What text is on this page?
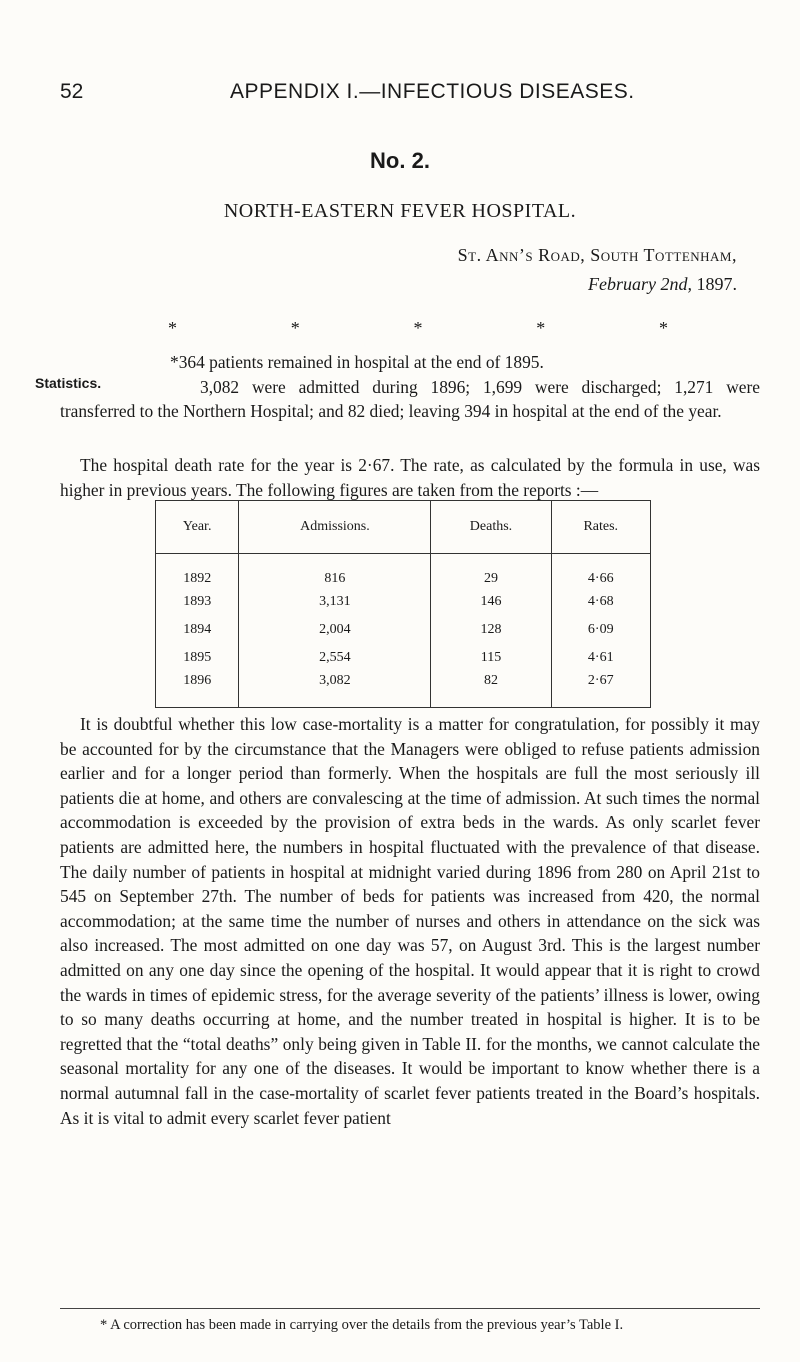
52	APPENDIX I.—INFECTIOUS DISEASES.
No. 2.
NORTH-EASTERN FEVER HOSPITAL.
St. Ann’s Road, South Tottenham,
February 2nd, 1897.
*	*	*	*	*
Statistics.
*364 patients remained in hospital at the end of 1895.
3,082 were admitted during 1896; 1,699 were discharged; 1,271 were transferred to the Northern Hospital; and 82 died; leaving 394 in hospital at the end of the year.
The hospital death rate for the year is 2·67. The rate, as calculated by the formula in use, was higher in previous years. The following figures are taken from the reports :—
Year.	Admissions.	Deaths.	Rates.
1892	816	29	4·66
1893	3,131	146	4·68
1894	2,004	128	6·09
1895	2,554	115	4·61
1896	3,082	82	2·67
It is doubtful whether this low case-mortality is a matter for congratulation, for possibly it may be accounted for by the circumstance that the Managers were obliged to refuse patients admission earlier and for a longer period than formerly. When the hospitals are full the most seriously ill patients die at home, and others are convalescing at the time of admission. At such times the normal accommodation is exceeded by the provision of extra beds in the wards. As only scarlet fever patients are admitted here, the numbers in hospital fluctuated with the prevalence of that disease. The daily number of patients in hospital at midnight varied during 1896 from 280 on April 21st to 545 on September 27th. The number of beds for patients was increased from 420, the normal accommodation; at the same time the number of nurses and others in attendance on the sick was also increased. The most admitted on one day was 57, on August 3rd. This is the largest number admitted on any one day since the opening of the hospital. It would appear that it is right to crowd the wards in times of epidemic stress, for the average severity of the patients’ illness is lower, owing to so many deaths occurring at home, and the number treated in hospital is higher. It is to be regretted that the “total deaths” only being given in Table II. for the months, we cannot calculate the seasonal mortality for any one of the diseases. It would be important to know whether there is a normal autumnal fall in the case-mortality of scarlet fever patients treated in the Board’s hospitals. As it is vital to admit every scarlet fever patient
* A correction has been made in carrying over the details from the previous year’s Table I.
